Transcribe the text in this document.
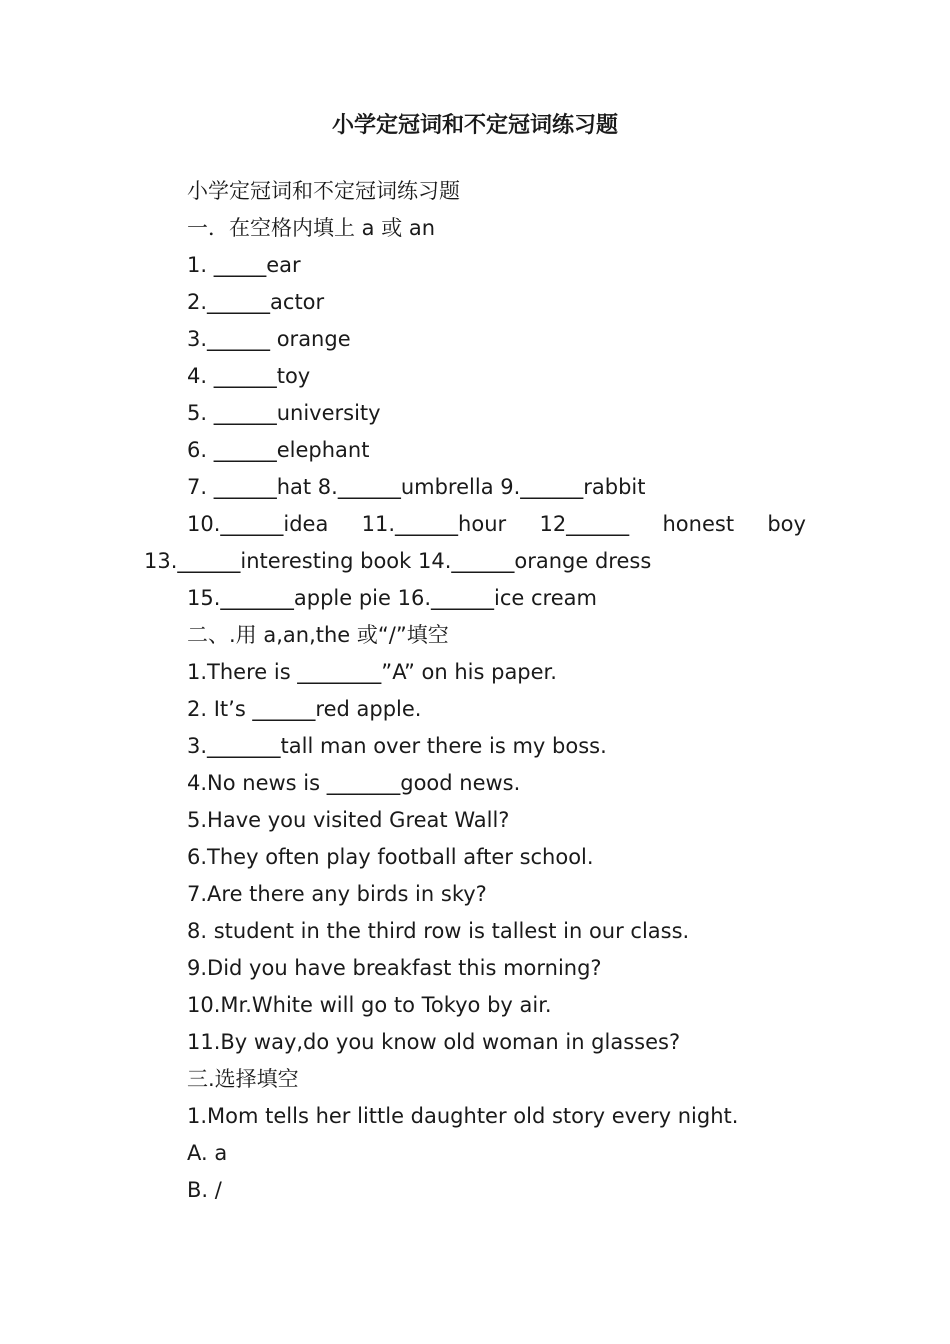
小学定冠词和不定冠词练习题
小学定冠词和不定冠词练习题
一．在空格内填上 a 或 an
1. _____ear
2.______actor
3.______ orange
4. ______toy
5. ______university
6. ______elephant
7. ______hat 8.______umbrella 9.______rabbit
10.______idea 11.______hour 12______ honest boy
13.______interesting book 14.______orange dress
15._______apple pie 16.______ice cream
二、.用 a,an,the 或“/”填空
1.There is ________”A” on his paper.
2. It’s ______red apple.
3._______tall man over there is my boss.
4.No news is _______good news.
5.Have you visited Great Wall?
6.They often play football after school.
7.Are there any birds in sky?
8. student in the third row is tallest in our class.
9.Did you have breakfast this morning?
10.Mr.White will go to Tokyo by air.
11.By way,do you know old woman in glasses?
三.选择填空
1.Mom tells her little daughter old story every night.
A. a
B. /
